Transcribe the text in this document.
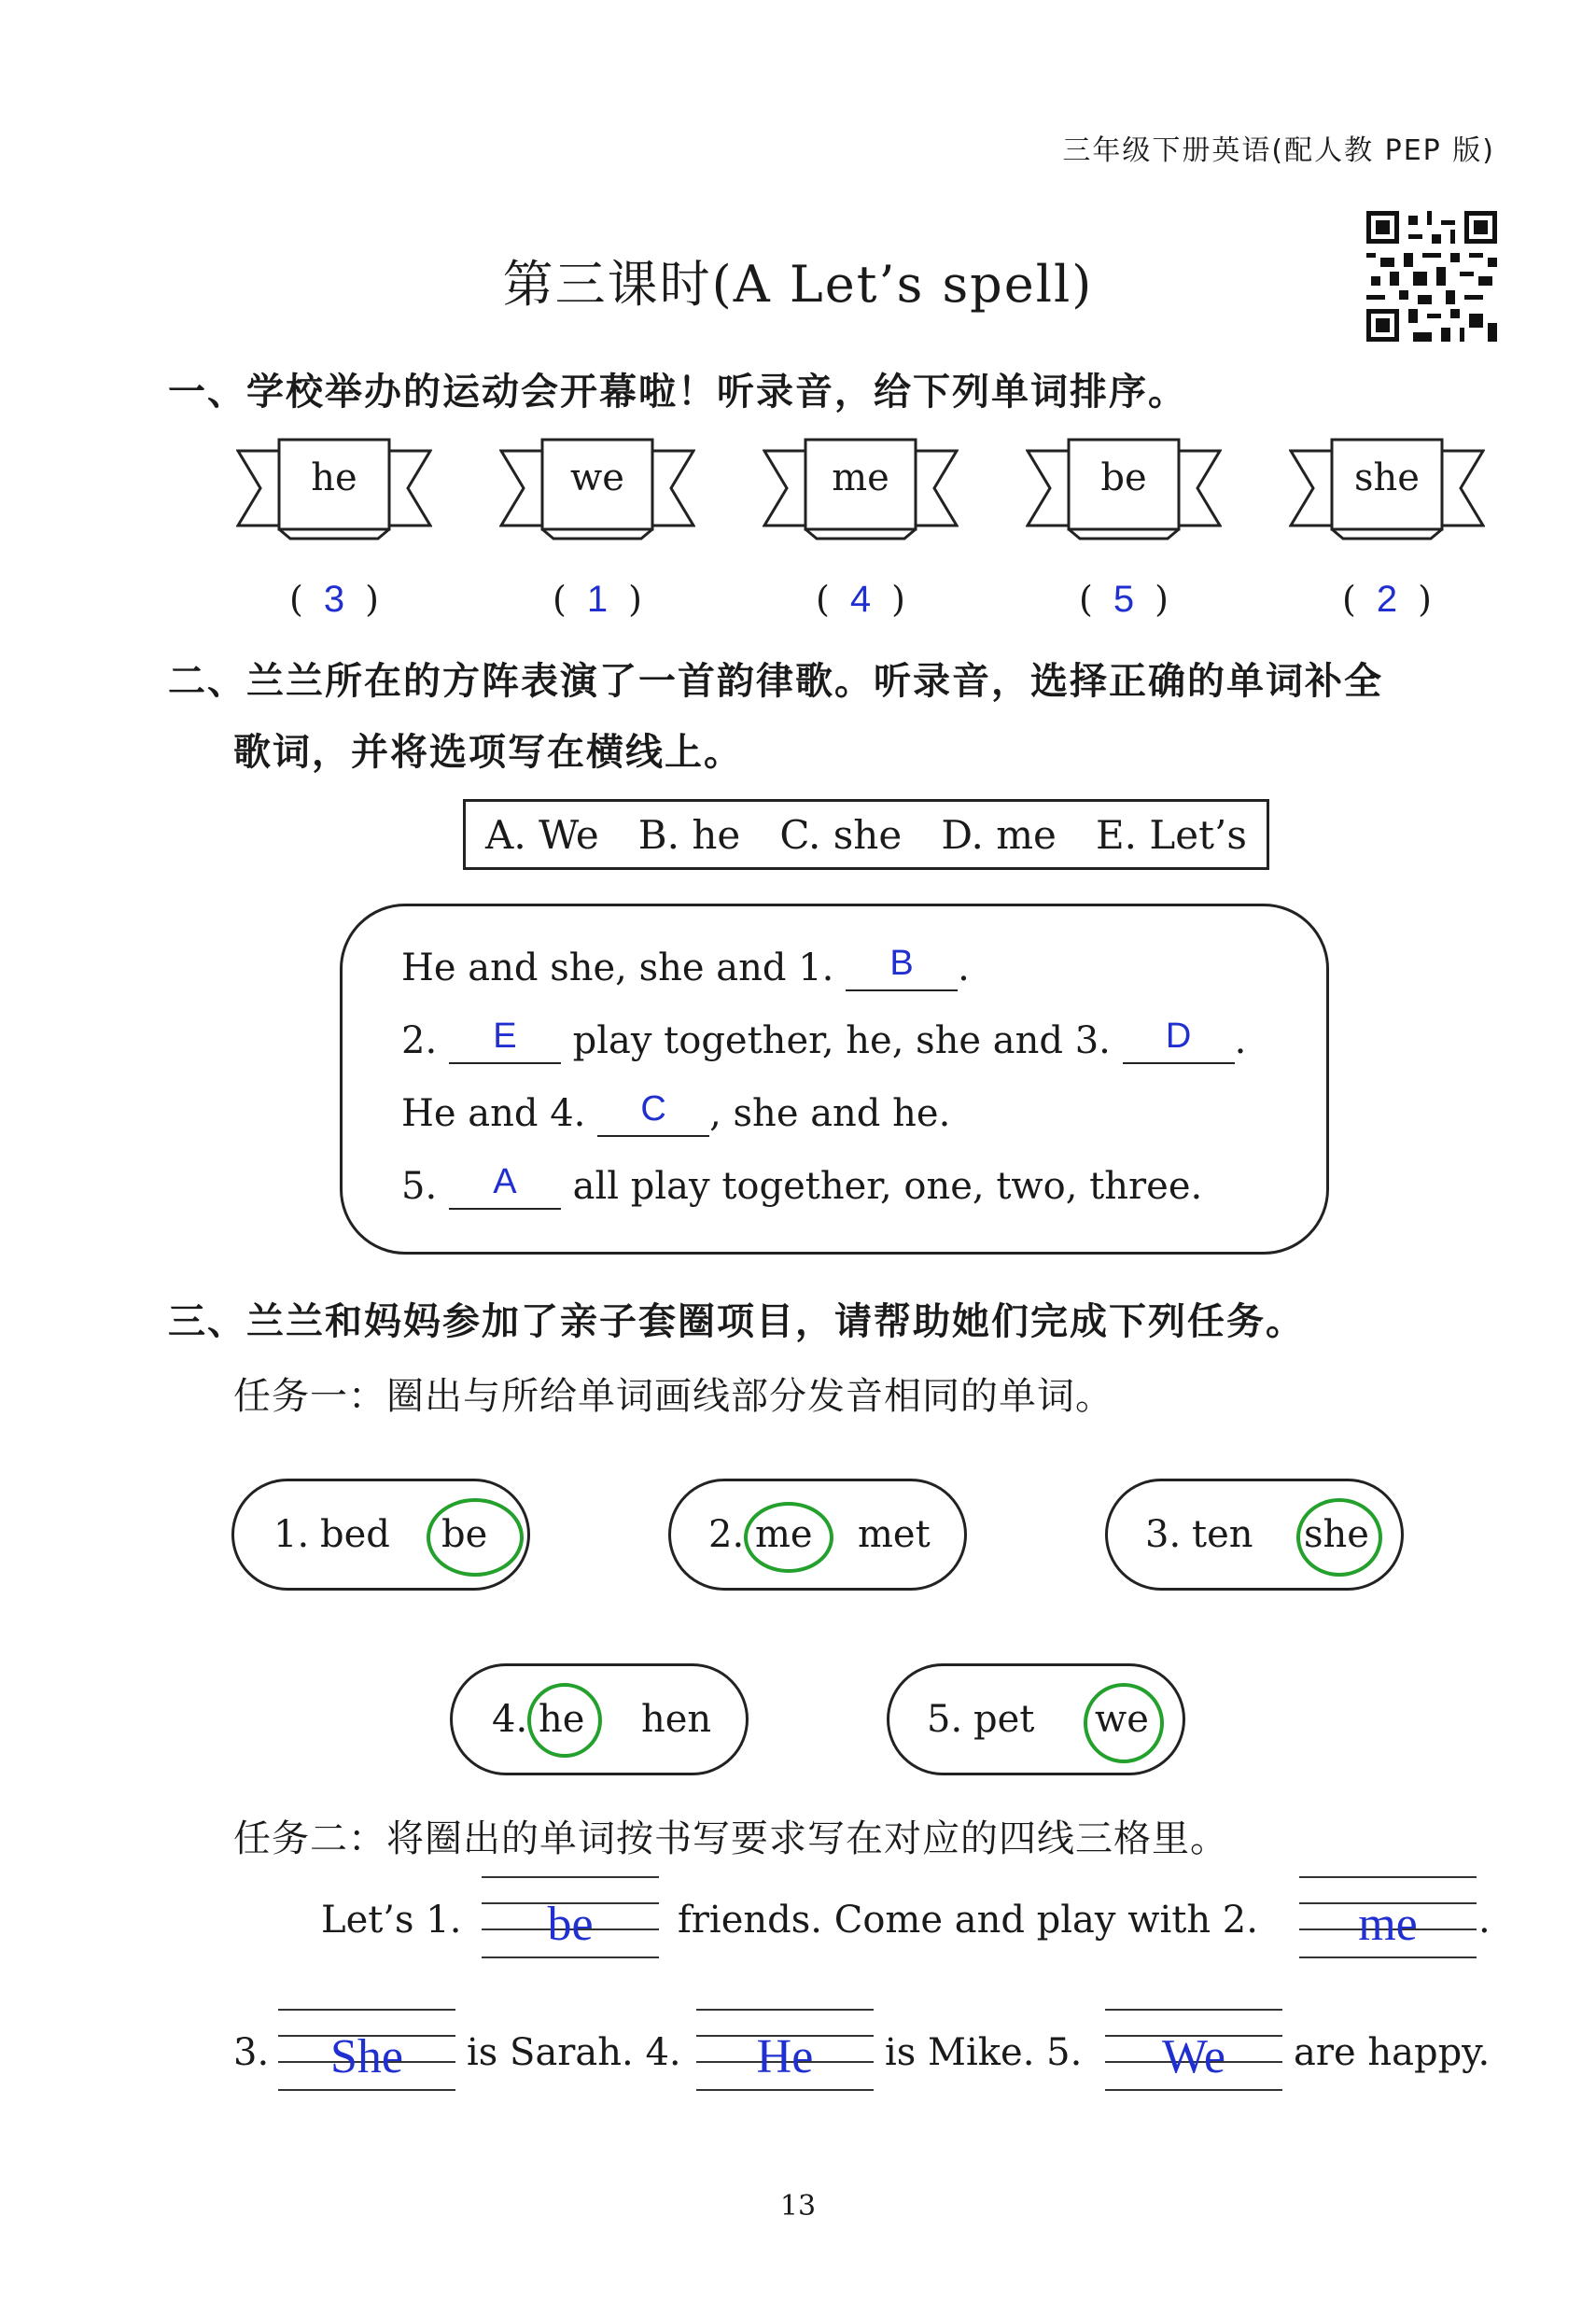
三年级下册英语(配人教 PEP 版)
第三课时(A Let’s spell)
一、学校举办的运动会开幕啦！听录音，给下列单词排序。
he	we	me	be	she
( 3 )	( 1 )	( 4 )	( 5 )	( 2 )
二、兰兰所在的方阵表演了一首韵律歌。听录音，选择正确的单词补全
歌词，并将选项写在横线上。
A. We B. he C. she D. me E. Let’s
He and she, she and 1. B .
2. E play together, he, she and 3. D .
He and 4. C , she and he.
5. A all play together, one, two, three.
三、兰兰和妈妈参加了亲子套圈项目，请帮助她们完成下列任务。
任务一：圈出与所给单词画线部分发音相同的单词。
1. bed be	2. me met	3. ten she
4. he hen	5. pet we
任务二：将圈出的单词按书写要求写在对应的四线三格里。
Let’s 1.	be	friends. Come and play with 2.	me	.
3.	She	is Sarah. 4.	He	is Mike. 5.	We	are happy.
13
